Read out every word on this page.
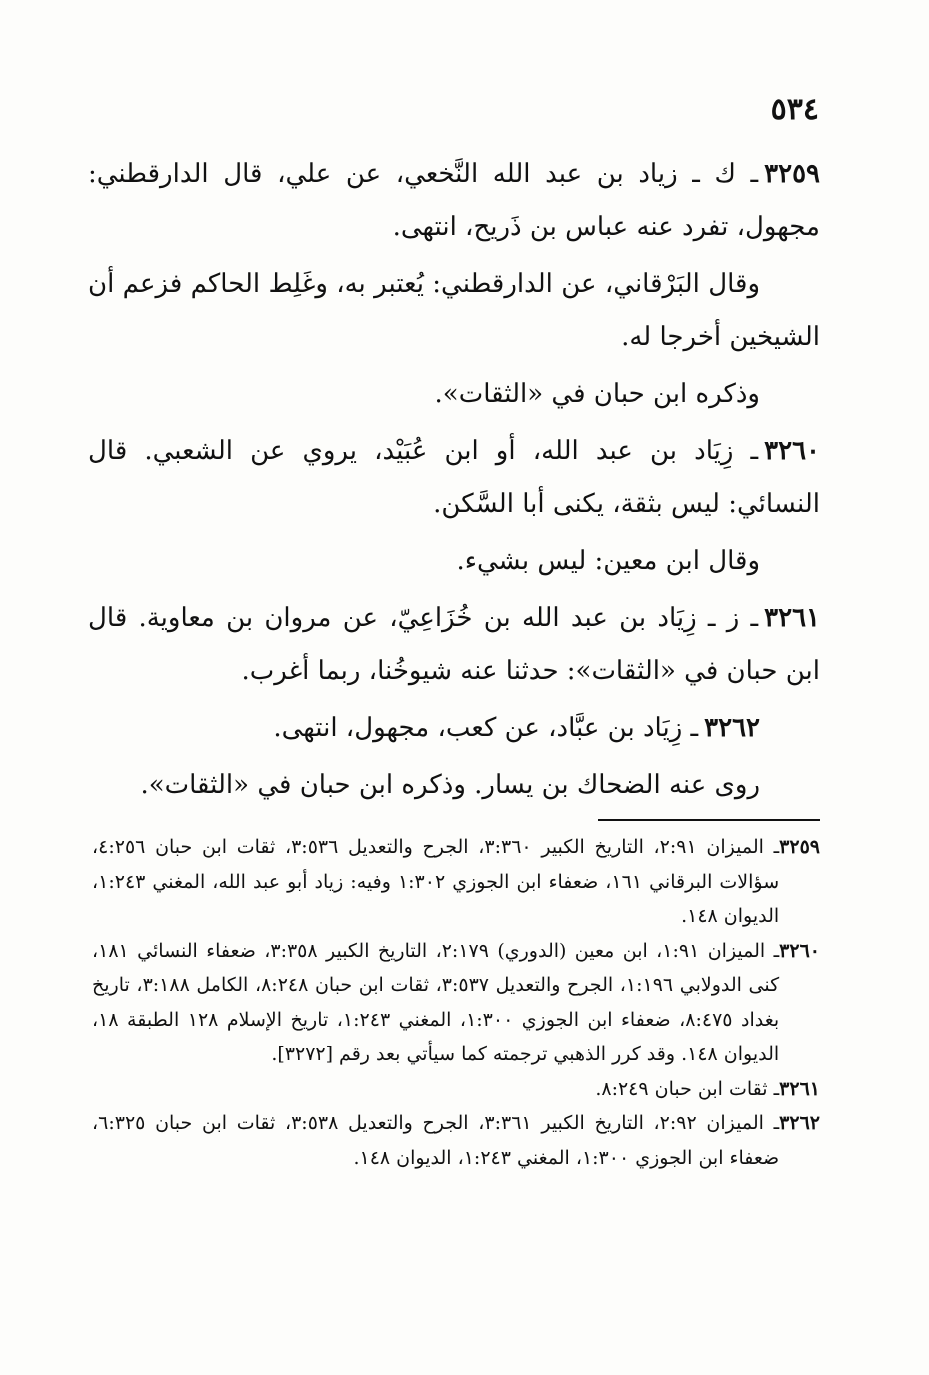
٥٣٤

٣٢٥٩ـ ك ـ زياد بن عبد الله النَّخعي، عن علي، قال الدارقطني: مجهول، تفرد عنه عباس بن ذَريح، انتهى.

وقال البَرْقاني، عن الدارقطني: يُعتبر به، وغَلِط الحاكم فزعم أن الشيخين أخرجا له.

وذكره ابن حبان في «الثقات».

٣٢٦٠ـ زِيَاد بن عبد الله، أو ابن عُبَيْد، يروي عن الشعبي. قال النسائي: ليس بثقة، يكنى أبا السَّكن.

وقال ابن معين: ليس بشيء.

٣٢٦١ـ ز ـ زِيَاد بن عبد الله بن خُزَاعِيّ، عن مروان بن معاوية. قال ابن حبان في «الثقات»: حدثنا عنه شيوخُنا، ربما أغرب.

٣٢٦٢ـ زِيَاد بن عبَّاد، عن كعب، مجهول، انتهى.

روى عنه الضحاك بن يسار. وذكره ابن حبان في «الثقات».

٣٢٥٩
ـ الميزان ٢:٩١، التاريخ الكبير ٣:٣٦٠، الجرح والتعديل ٣:٥٣٦، ثقات ابن حبان ٤:٢٥٦، سؤالات البرقاني ١٦١، ضعفاء ابن الجوزي ١:٣٠٢ وفيه: زياد أبو عبد الله، المغني ١:٢٤٣، الديوان ١٤٨.
٣٢٦٠
ـ الميزان ١:٩١، ابن معين (الدوري) ٢:١٧٩، التاريخ الكبير ٣:٣٥٨، ضعفاء النسائي ١٨١، كنى الدولابي ١:١٩٦، الجرح والتعديل ٣:٥٣٧، ثقات ابن حبان ٨:٢٤٨، الكامل ٣:١٨٨، تاريخ بغداد ٨:٤٧٥، ضعفاء ابن الجوزي ١:٣٠٠، المغني ١:٢٤٣، تاريخ الإسلام ١٢٨ الطبقة ١٨، الديوان ١٤٨. وقد كرر الذهبي ترجمته كما سيأتي بعد رقم [٣٢٧٢].
٣٢٦١
ـ ثقات ابن حبان ٨:٢٤٩.
٣٢٦٢
ـ الميزان ٢:٩٢، التاريخ الكبير ٣:٣٦١، الجرح والتعديل ٣:٥٣٨، ثقات ابن حبان ٦:٣٢٥، ضعفاء ابن الجوزي ١:٣٠٠، المغني ١:٢٤٣، الديوان ١٤٨.
